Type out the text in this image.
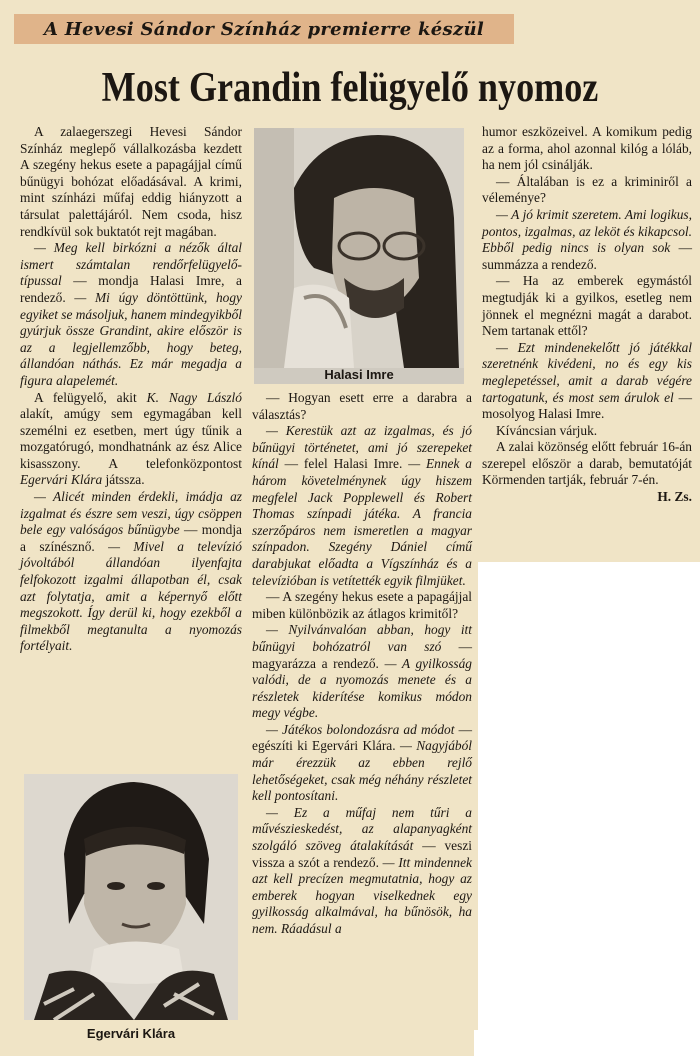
A Hevesi Sándor Színház premierre készül
Most Grandin felügyelő nyomoz

A zalaegerszegi Hevesi Sándor Színház meglepő vállalkozásba kezdett A szegény hekus esete a papagájjal című bűnügyi bohózat előadásával. A krimi, mint színházi műfaj eddig hiányzott a társulat palettájáról. Nem csoda, hisz rendkívül sok buktatót rejt magában.

— Meg kell birkózni a nézők által ismert számtalan rendőrfelügyelő-típussal — mondja Halasi Imre, a rendező. — Mi úgy döntöttünk, hogy egyiket se másoljuk, hanem mindegyikből gyúrjuk össze Grandint, akire először is az a legjellemzőbb, hogy beteg, állandóan náthás. Ez már megadja a figura alapelemét.

A felügyelő, akit K. Nagy László alakít, amúgy sem egymagában kell személni ez esetben, mert úgy tűnik a mozgatórugó, mondhatnánk az ész Alice kisasszony. A telefonközpontost Egervári Klára játssza.

— Alicét minden érdekli, imádja az izgalmat és észre sem veszi, úgy csöppen bele egy valóságos bűnügybe — mondja a színésznő. — Mivel a televízió jóvoltából állandóan ilyenfajta felfokozott izgalmi állapotban él, csak azt folytatja, amit a képernyő előtt megszokott. Így derül ki, hogy ezekből a filmekből megtanulta a nyomozás fortélyait.

Halasi Imre

— Hogyan esett erre a darabra a választás?

— Kerestük azt az izgalmas, és jó bűnügyi történetet, ami jó szerepeket kínál — felel Halasi Imre. — Ennek a három követelménynek úgy hiszem megfelel Jack Popplewell és Robert Thomas színpadi játéka. A francia szerzőpáros nem ismeretlen a magyar színpadon. Szegény Dániel című darabjukat előadta a Vígszínház és a televízióban is vetítették egyik filmjüket.

— A szegény hekus esete a papagájjal miben különbözik az átlagos krimitől?

— Nyilvánvalóan abban, hogy itt bűnügyi bohózatról van szó — magyarázza a rendező. — A gyilkosság valódi, de a nyomozás menete és a részletek kiderítése komikus módon megy végbe.

— Játékos bolondozásra ad módot — egészíti ki Egervári Klára. — Nagyjából már érezzük az ebben rejlő lehetőségeket, csak még néhány részletet kell pontosítani.

— Ez a műfaj nem tűri a művészieskedést, az alapanyagként szolgáló szöveg átalakítását — veszi vissza a szót a rendező. — Itt mindennek azt kell precízen megmutatnia, hogy az emberek hogyan viselkednek egy gyilkosság alkalmával, ha bűnösök, ha nem. Ráadásul a

humor eszközeivel. A komikum pedig az a forma, ahol azonnal kilóg a lóláb, ha nem jól csinálják.

— Általában is ez a kriminiről a véleménye?

— A jó krimit szeretem. Ami logikus, pontos, izgalmas, az leköt és kikapcsol. Ebből pedig nincs is olyan sok — summázza a rendező.

— Ha az emberek egymástól megtudják ki a gyilkos, esetleg nem jönnek el megnézni magát a darabot. Nem tartanak ettől?

— Ezt mindenekelőtt jó játékkal szeretnénk kivédeni, no és egy kis meglepetéssel, amit a darab végére tartogatunk, és most sem árulok el — mosolyog Halasi Imre.

Kíváncsian várjuk.

A zalai közönség előtt február 16-án szerepel először a darab, bemutatóját Körmenden tartják, február 7-én.

H. Zs.

Egervári Klára
